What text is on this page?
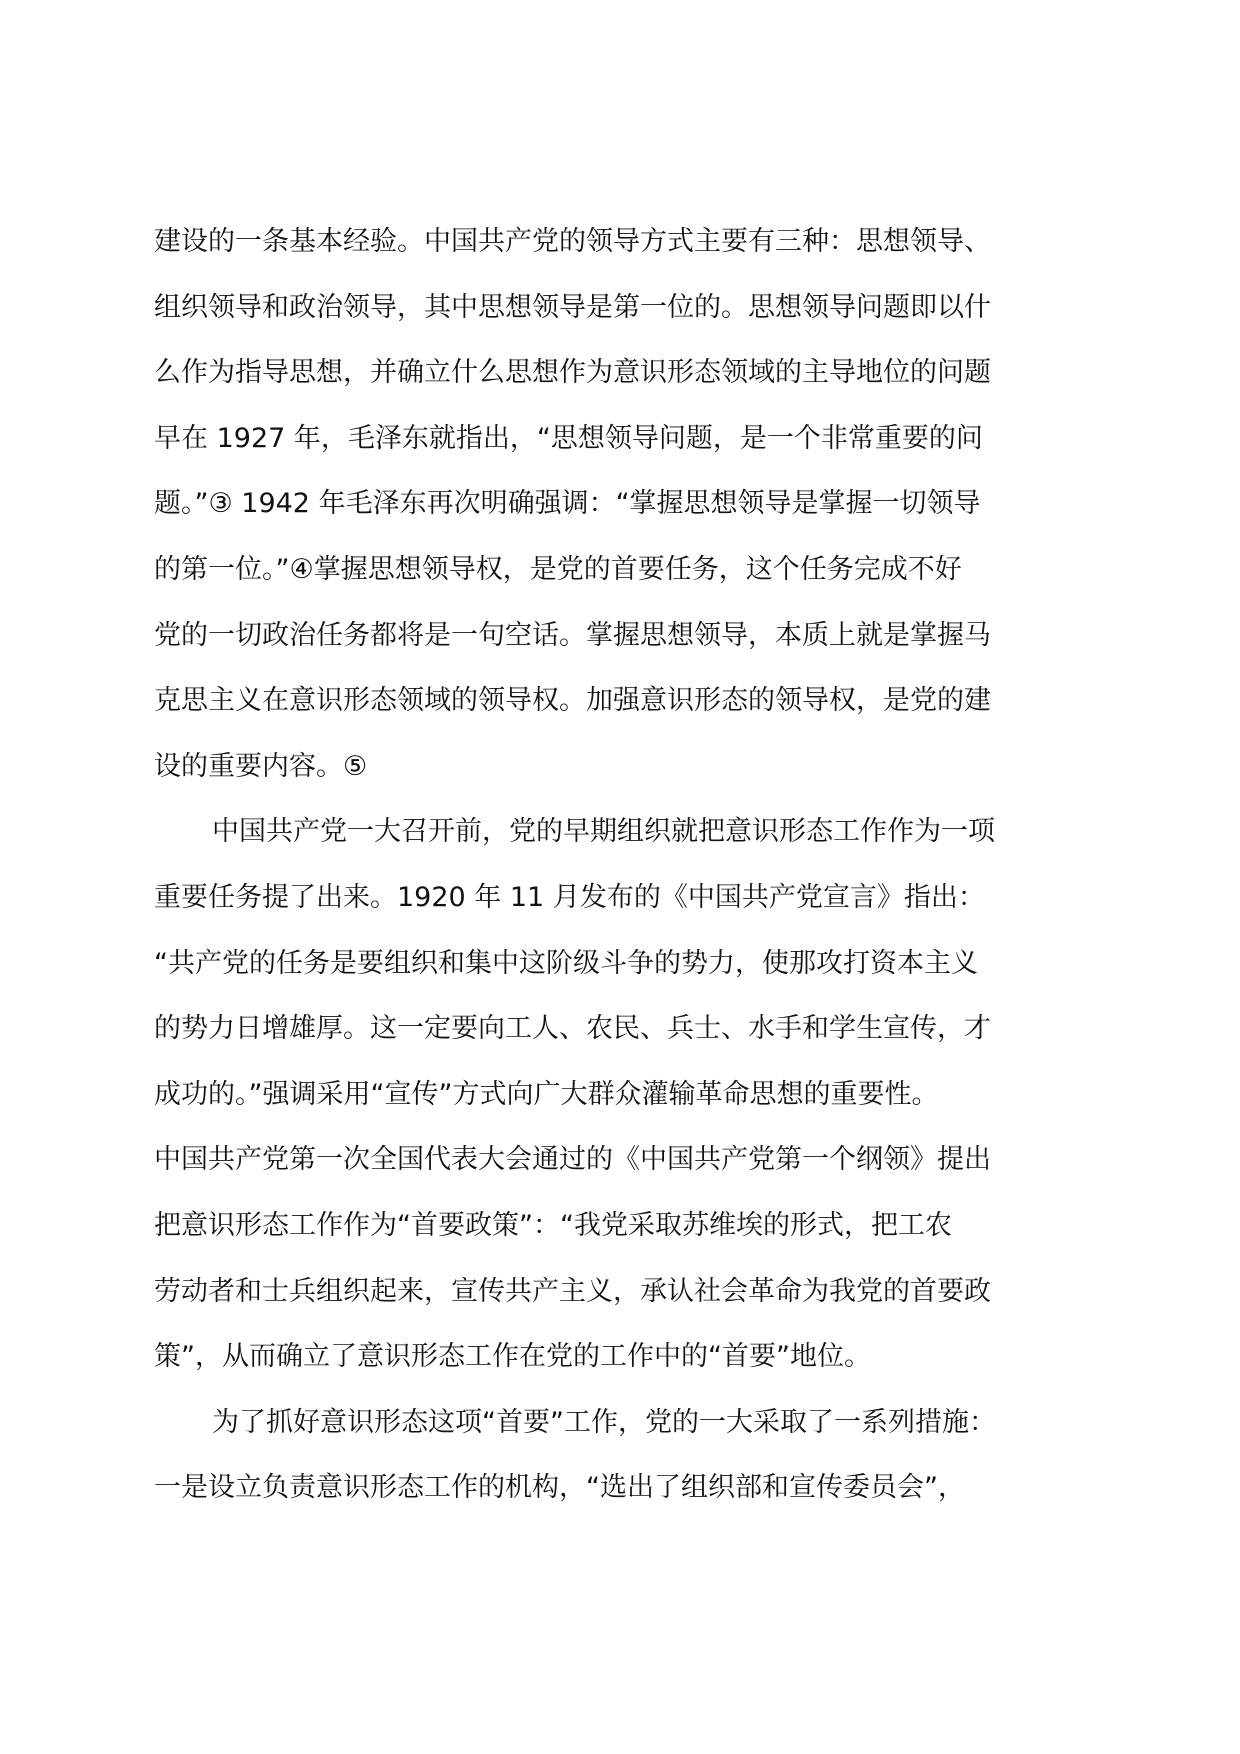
建设的一条基本经验。中国共产党的领导方式主要有三种：思想领导、
组织领导和政治领导，其中思想领导是第一位的。思想领导问题即以什
么作为指导思想，并确立什么思想作为意识形态领域的主导地位的问题
早在 1927 年，毛泽东就指出，“思想领导问题，是一个非常重要的问
题。”③ 1942 年毛泽东再次明确强调：“掌握思想领导是掌握一切领导
的第一位。”④掌握思想领导权，是党的首要任务，这个任务完成不好
党的一切政治任务都将是一句空话。掌握思想领导，本质上就是掌握马
克思主义在意识形态领域的领导权。加强意识形态的领导权，是党的建
设的重要内容。⑤
中国共产党一大召开前，党的早期组织就把意识形态工作作为一项
重要任务提了出来。1920 年 11 月发布的《中国共产党宣言》指出：
“共产党的任务是要组织和集中这阶级斗争的势力，使那攻打资本主义
的势力日增雄厚。这一定要向工人、农民、兵士、水手和学生宣传，才
成功的。”强调采用“宣传”方式向广大群众灌输革命思想的重要性。
中国共产党第一次全国代表大会通过的《中国共产党第一个纲领》提出
把意识形态工作作为“首要政策”：“我党采取苏维埃的形式，把工农
劳动者和士兵组织起来，宣传共产主义，承认社会革命为我党的首要政
策”，从而确立了意识形态工作在党的工作中的“首要”地位。
为了抓好意识形态这项“首要”工作，党的一大采取了一系列措施：
一是设立负责意识形态工作的机构，“选出了组织部和宣传委员会”，
